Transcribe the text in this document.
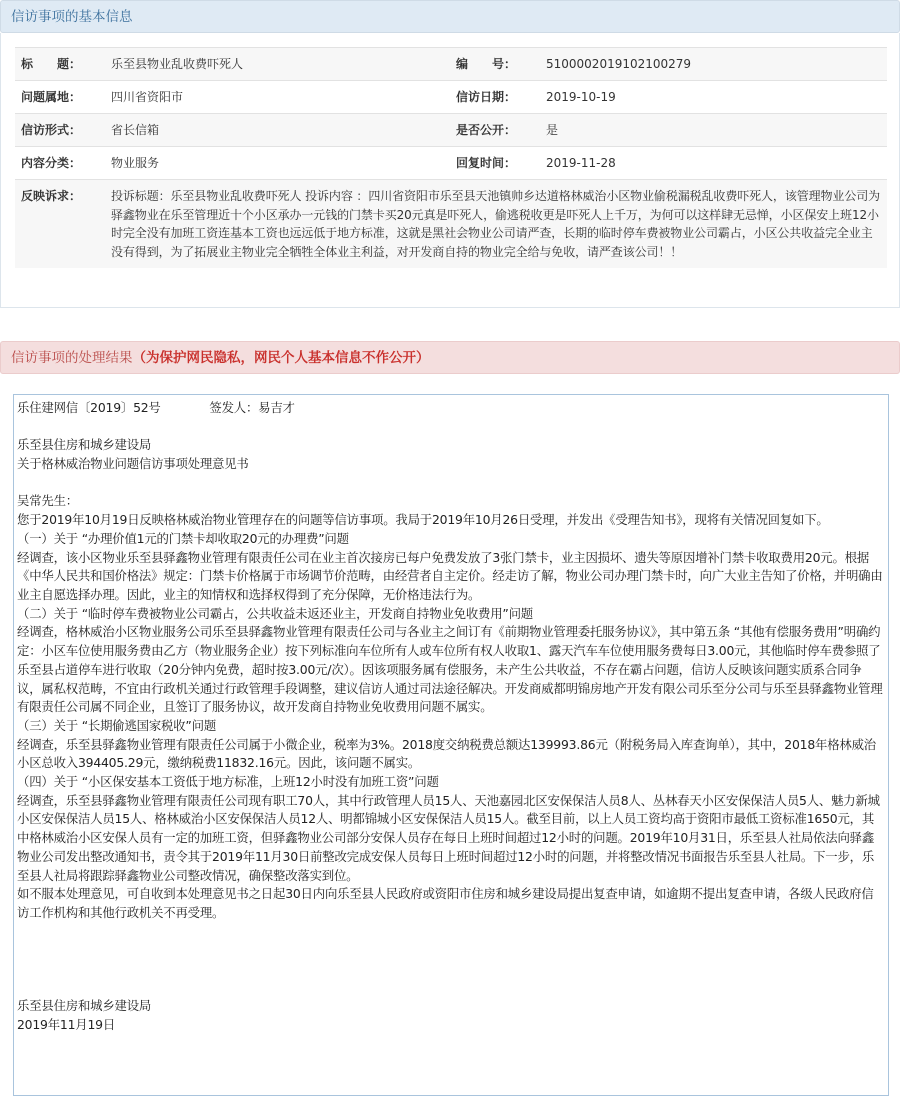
信访事项的基本信息
标　　题：	乐至县物业乱收费吓死人	编　　号：	5100002019102100279
问题属地：	四川省资阳市	信访日期：	2019-10-19
信访形式：	省长信箱	是否公开：	是
内容分类：	物业服务	回复时间：	2019-11-28
反映诉求：	投诉标题：乐至县物业乱收费吓死人 投诉内容 ：四川省资阳市乐至县天池镇帅乡达道格林威治小区物业偷税漏税乱收费吓死人，该管理物业公司为驿鑫物业在乐至管理近十个小区承办一元钱的门禁卡买20元真是吓死人，偷逃税收更是吓死人上千万，为何可以这样肆无忌惮，小区保安上班12小时完全没有加班工资连基本工资也远远低于地方标准，这就是黑社会物业公司请严查，长期的临时停车费被物业公司霸占，小区公共收益完全业主没有得到，为了拓展业主物业完全牺牲全体业主利益，对开发商自持的物业完全给与免收，请严查该公司！！		
信访事项的处理结果（为保护网民隐私，网民个人基本信息不作公开）
乐住建网信〔2019〕52号　　　　签发人：易吉才
乐至县住房和城乡建设局
关于格林威治物业问题信访事项处理意见书
吴常先生：
您于2019年10月19日反映格林威治物业管理存在的问题等信访事项。我局于2019年10月26日受理，并发出《受理告知书》，现将有关情况回复如下。
（一）关于 “办理价值1元的门禁卡却收取20元的办理费”问题
经调查，该小区物业乐至县驿鑫物业管理有限责任公司在业主首次接房已每户免费发放了3张门禁卡，业主因损坏、遗失等原因增补门禁卡收取费用20元。根据《中华人民共和国价格法》规定：门禁卡价格属于市场调节价范畴，由经营者自主定价。经走访了解，物业公司办理门禁卡时，向广大业主告知了价格，并明确由业主自愿选择办理。因此，业主的知情权和选择权得到了充分保障，无价格违法行为。
（二）关于 “临时停车费被物业公司霸占，公共收益未返还业主，开发商自持物业免收费用”问题
经调查，格林威治小区物业服务公司乐至县驿鑫物业管理有限责任公司与各业主之间订有《前期物业管理委托服务协议》，其中第五条 “其他有偿服务费用”明确约定：小区车位使用服务费由乙方（物业服务企业）按下列标准向车位所有人或车位所有权人收取1、露天汽车车位使用服务费每日3.00元，其他临时停车费参照了乐至县占道停车进行收取（20分钟内免费，超时按3.00元/次）。因该项服务属有偿服务，未产生公共收益，不存在霸占问题，信访人反映该问题实质系合同争议，属私权范畴，不宜由行政机关通过行政管理手段调整，建议信访人通过司法途径解决。开发商威都明锦房地产开发有限公司乐至分公司与乐至县驿鑫物业管理有限责任公司属不同企业，且签订了服务协议，故开发商自持物业免收费用问题不属实。
（三）关于 “长期偷逃国家税收”问题
经调查，乐至县驿鑫物业管理有限责任公司属于小微企业，税率为3%。2018度交纳税费总额达139993.86元（附税务局入库查询单），其中，2018年格林威治小区总收入394405.29元，缴纳税费11832.16元。因此，该问题不属实。
（四）关于 “小区保安基本工资低于地方标准，上班12小时没有加班工资”问题
经调查，乐至县驿鑫物业管理有限责任公司现有职工70人，其中行政管理人员15人、天池嘉园北区安保保洁人员8人、丛林春天小区安保保洁人员5人、魅力新城小区安保保洁人员15人、格林威治小区安保保洁人员12人、明都锦城小区安保保洁人员15人。截至目前，以上人员工资均高于资阳市最低工资标准1650元，其中格林威治小区安保人员有一定的加班工资，但驿鑫物业公司部分安保人员存在每日上班时间超过12小时的问题。2019年10月31日，乐至县人社局依法向驿鑫物业公司发出整改通知书，责令其于2019年11月30日前整改完成安保人员每日上班时间超过12小时的问题，并将整改情况书面报告乐至县人社局。下一步，乐至县人社局将跟踪驿鑫物业公司整改情况，确保整改落实到位。
如不服本处理意见，可自收到本处理意见书之日起30日内向乐至县人民政府或资阳市住房和城乡建设局提出复查申请，如逾期不提出复查申请，各级人民政府信访工作机构和其他行政机关不再受理。
乐至县住房和城乡建设局
2019年11月19日
